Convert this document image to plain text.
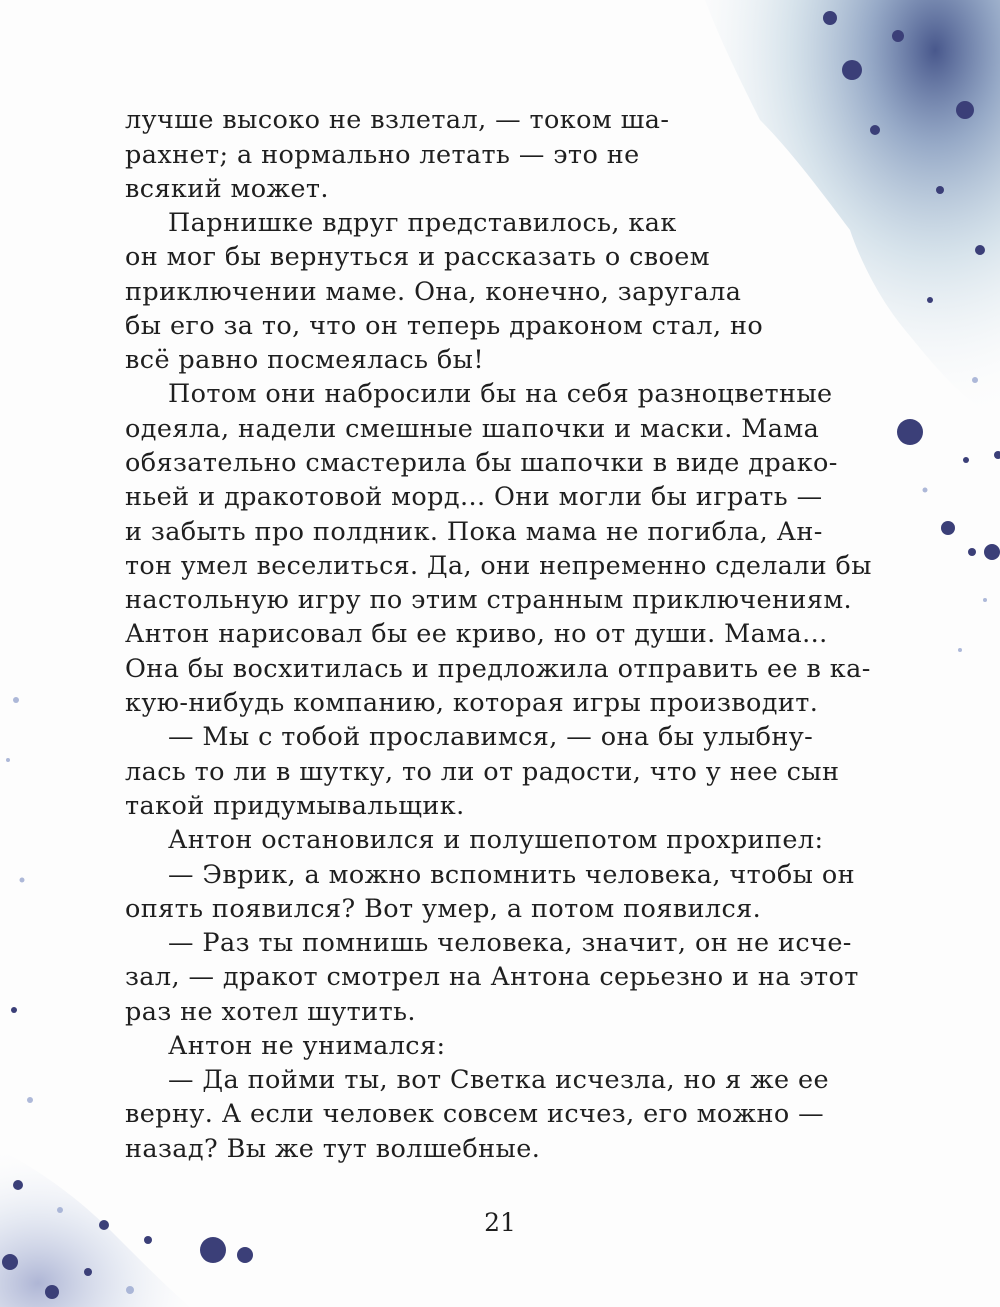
лучше высоко не взлетал, — током ша-
рахнет; а нормально летать — это не
всякий может.
Парнишке вдруг представилось, как
он мог бы вернуться и рассказать о своем
приключении маме. Она, конечно, заругала
бы его за то, что он теперь драконом стал, но
всё равно посмеялась бы!
Потом они набросили бы на себя разноцветные
одеяла, надели смешные шапочки и маски. Мама
обязательно смастерила бы шапочки в виде драко-
ньей и дракотовой морд... Они могли бы играть —
и забыть про полдник. Пока мама не погибла, Ан-
тон умел веселиться. Да, они непременно сделали бы
настольную игру по этим странным приключениям.
Антон нарисовал бы ее криво, но от души. Мама...
Она бы восхитилась и предложила отправить ее в ка-
кую-нибудь компанию, которая игры производит.
— Мы с тобой прославимся, — она бы улыбну-
лась то ли в шутку, то ли от радости, что у нее сын
такой придумывальщик.
Антон остановился и полушепотом прохрипел:
— Эврик, а можно вспомнить человека, чтобы он
опять появился? Вот умер, а потом появился.
— Раз ты помнишь человека, значит, он не исче-
зал, — дракот смотрел на Антона серьезно и на этот
раз не хотел шутить.
Антон не унимался:
— Да пойми ты, вот Светка исчезла, но я же ее
верну. А если человек совсем исчез, его можно —
назад? Вы же тут волшебные.
21
